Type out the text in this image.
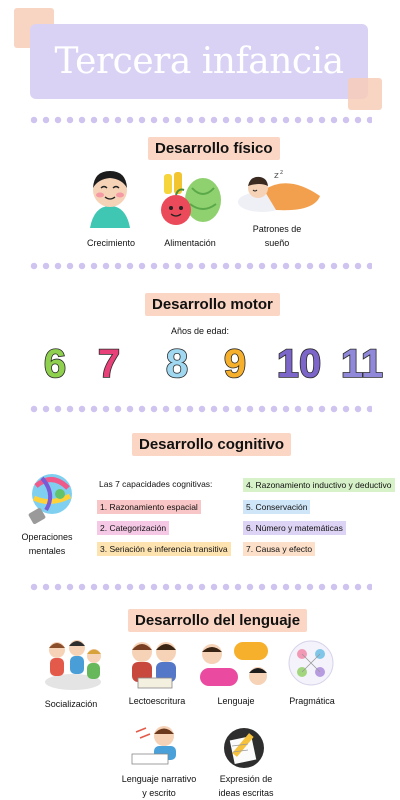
Tercera infancia
Desarrollo físico
Crecimiento	Alimentación
z z
Patrones de sueño
Desarrollo motor
Años de edad:
6 7	8 9 10 11
Desarrollo cognitivo
Operaciones mentales
Las 7 capacidades cognitivas:
1. Razonamiento espacial
2. Categorización
3. Seriación e inferencia transitiva
4. Razonamiento inductivo y deductivo
5. Conservación
6. Número y matemáticas
7. Causa y efecto
Desarrollo del lenguaje
Socialización	Lectoescritura	Lenguaje	Pragmática
Lenguaje narrativo y escrito
Expresión de ideas escritas
